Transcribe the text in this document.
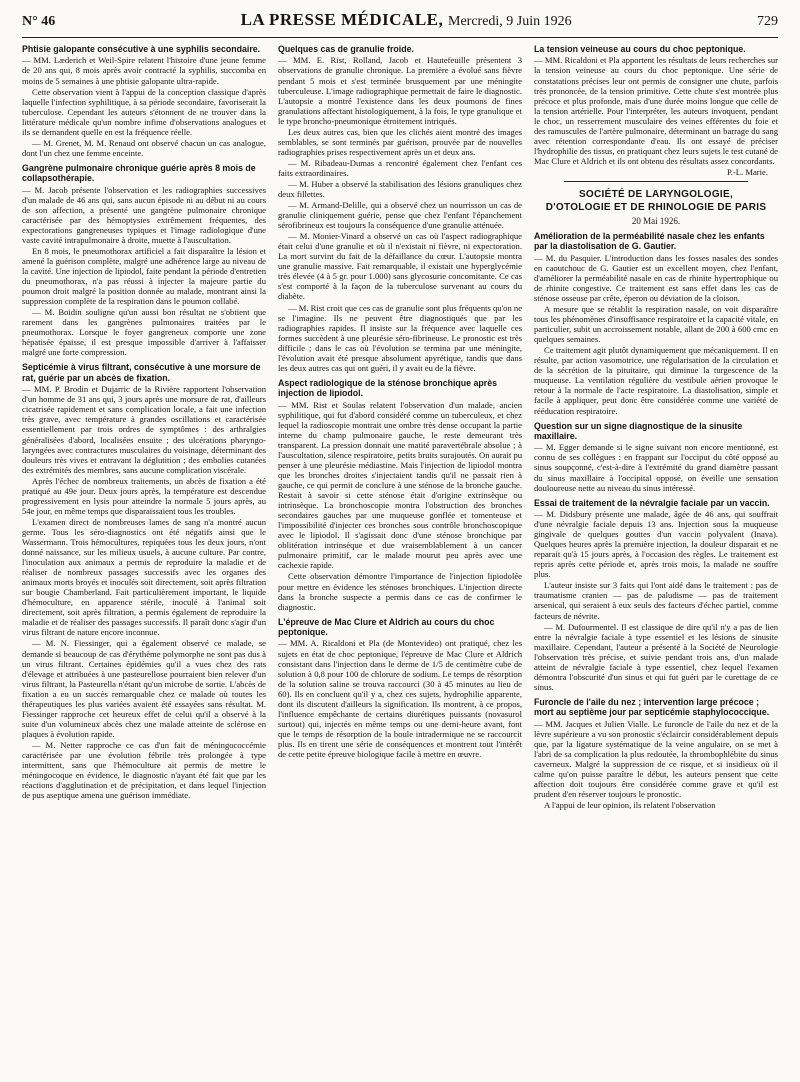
N° 46	LA PRESSE MÉDICALE, Mercredi, 9 Juin 1926	729
Phtisie galopante consécutive à une syphilis secondaire.

— MM. Læderich et Weil-Spire relatent l'histoire d'une jeune femme de 20 ans qui, 8 mois après avoir contracté la syphilis, succomba en moins de 5 semaines à une phtisie galopante ultra-rapide.

Cette observation vient à l'appui de la conception classique d'après laquelle l'infection syphilitique, à sa période secondaire, favoriserait la tuberculose. Cependant les auteurs s'étonnent de ne trouver dans la littérature médicale qu'un nombre infime d'observations analogues et ils se demandent quelle en est la fréquence réelle.

— M. Grenet, M. M. Renaud ont observé chacun un cas analogue, dont l'un chez une femme enceinte.

Gangrène pulmonaire chronique guérie après 8 mois de collapsothérapie.

— M. Jacob présente l'observation et les radiographies successives d'un malade de 46 ans qui, sans aucun épisode ni au début ni au cours de son affection, a présenté une gangrène pulmonaire chronique caractérisée par des hémoptysies extrêmement fréquentes, des expectorations gangreneuses typiques et l'image radiologique d'une vaste cavité intrapulmonaire à droite, muette à l'auscultation.

En 8 mois, le pneumothorax artificiel a fait disparaître la lésion et amené la guérison complète, malgré une adhérence large au niveau de la cavité. Une injection de lipiodol, faite pendant la période d'entretien du pneumothorax, n'a pas réussi à injecter la majeure partie du poumon droit malgré la position donnée au malade, montrant ainsi la suppression complète de la respiration dans le poumon collabé.

— M. Boidin souligne qu'un aussi bon résultat ne s'obtient que rarement dans les gangrènes pulmonaires traitées par le pneumothorax. Lorsque le foyer gangreneux comporte une zone hépatisée épaisse, il est presque impossible d'arriver à l'affaisser malgré une forte compression.

Septicémie à virus filtrant, consécutive à une morsure de rat, guérie par un abcès de fixation.

— MM. P. Brodin et Dujarric de la Rivière rapportent l'observation d'un homme de 31 ans qui, 3 jours après une morsure de rat, d'ailleurs cicatrisée rapidement et sans complication locale, a fait une infection très grave, avec température à grandes oscillations et caractérisée essentiellement par trois ordres de symptômes : des arthralgies généralisées d'abord, localisées ensuite ; des ulcérations pharyngo-laryngées avec contractures musculaires du voisinage, déterminant des douleurs très vives et entravant la déglutition ; des embolies cutanées des extrémités des membres, sans aucune complication viscérale.

Après l'échec de nombreux traitements, un abcès de fixation a été pratiqué au 49e jour. Deux jours après, la température est descendue progressivement en lysis pour atteindre la normale 5 jours après, au 54e jour, en même temps que disparaissaient tous les troubles.

L'examen direct de nombreuses lames de sang n'a montré aucun germe. Tous les séro-diagnostics ont été négatifs ainsi que le Wassermann. Trois hémocultures, repiquées tous les deux jours, n'ont donné naissance, sur les milieux usuels, à aucune culture. Par contre, l'inoculation aux animaux a permis de reproduire la maladie et de réaliser de nombreux passages successifs avec les organes des animaux morts broyés et inoculés soit directement, soit après filtration sur bougie Chamberland. Fait particulièrement important, le liquide d'hémoculture, en apparence stérile, inoculé à l'animal soit directement, soit après filtration, a permis également de reproduire la maladie et de réaliser des passages successifs. Il paraît donc s'agir d'un virus filtrant de nature encore inconnue.

— M. N. Fiessinger, qui a également observé ce malade, se demande si beaucoup de cas d'érythème polymorphe ne sont pas dus à un virus filtrant. Certaines épidémies qu'il a vues chez des rats d'élevage et attribuées à une pasteurellose pourraient bien relever d'un virus filtrant, la Pasteurella n'étant qu'un microbe de sortie. L'abcès de fixation a eu un succès remarquable chez ce malade où toutes les thérapeutiques les plus variées avaient été essayées sans résultat. M. Fiessinger rapproche cet heureux effet de celui qu'il a observé à la suite d'un volumineux abcès chez une malade atteinte de sclérose en plaques à évolution rapide.

— M. Netter rapproche ce cas d'un fait de méningococcémie caractérisée par une évolution fébrile très prolongée à type intermittent, sans que l'hémoculture ait permis de mettre le méningocoque en évidence, le diagnostic n'ayant été fait que par les réactions d'agglutination et de précipitation, et dans lequel l'injection de pus aseptique amena une guérison immédiate.

Quelques cas de granulie froide.

— MM. E. Rist, Rolland, Jacob et Hautefeuille présentent 3 observations de granulie chronique. La première a évolué sans fièvre pendant 5 mois et s'est terminée brusquement par une méningite tuberculeuse. L'image radiographique permettait de faire le diagnostic. L'autopsie a montré l'existence dans les deux poumons de fines granulations affectant histologiquement, à la fois, le type granulique et le type broncho-pneumonique étroitement intriqués.

Les deux autres cas, bien que les clichés aient montré des images semblables, se sont terminés par guérison, prouvée par de nouvelles radiographies prises respectivement après un et deux ans.

— M. Ribadeau-Dumas a rencontré également chez l'enfant ces faits extraordinaires.

— M. Huber a observé la stabilisation des lésions granuliques chez deux fillettes.

— M. Armand-Delille, qui a observé chez un nourrisson un cas de granulie cliniquement guérie, pense que chez l'enfant l'épanchement sérofibrineux est toujours la conséquence d'une granulie atténuée.

— M. Monier-Vinard a observé un cas où l'aspect radiographique était celui d'une granulie et où il n'existait ni fièvre, ni expectoration. La mort survint du fait de la défaillance du cœur. L'autopsie montra une granulie massive. Fait remarquable, il existait une hyperglycémie très élevée (4 à 5 gr. pour 1.000) sans glycosurie concomitante. Ce cas s'est comporté à la façon de la tuberculose survenant au cours du diabète.

— M. Rist croit que ces cas de granulie sont plus fréquents qu'on ne se l'imagine. Ils ne peuvent être diagnostiqués que par les radiographies rapides. Il insiste sur la fréquence avec laquelle ces formes succèdent à une pleurésie séro-fibrineuse. Le pronostic est très difficile ; dans le cas où l'évolution se termina par une méningite, l'évolution avait été presque absolument apyrétique, tandis que dans les deux autres cas qui ont guéri, il y avait eu de la fièvre.

Aspect radiologique de la sténose bronchique après injection de lipiodol.

— MM. Rist et Soulas relatent l'observation d'un malade, ancien syphilitique, qui fut d'abord considéré comme un tuberculeux, et chez lequel la radioscopie montrait une ombre très dense occupant la partie interne du champ pulmonaire gauche, le reste demeurant très transparent. La pression donnait une matité paravertébrale absolue ; à l'auscultation, silence respiratoire, petits bruits surajoutés. On aurait pu penser à une pleurésie médiastine. Mais l'injection de lipiodol montra que les bronches droites s'injectaient tandis qu'il ne passait rien à gauche, ce qui permit de conclure à une sténose de la bronche gauche. Restait à savoir si cette sténose était d'origine extrinsèque ou intrinsèque. La bronchoscopie montra l'obstruction des bronches secondaires gauches par une muqueuse gonflée et tomenteuse et l'impossibilité d'injecter ces bronches sous contrôle bronchoscopique avec le lipiodol. Il s'agissait donc d'une sténose bronchique par oblitération intrinsèque et due vraisemblablement à un cancer pulmonaire primitif, car le malade mourut peu après avec une cachexie rapide.

Cette observation démontre l'importance de l'injection lipiodolée pour mettre en évidence les sténoses bronchiques. L'injection directe dans la bronche suspecte a permis dans ce cas de confirmer le diagnostic.

L'épreuve de Mac Clure et Aldrich au cours du choc peptonique.

— MM. A. Ricaldoni et Pla (de Montevideo) ont pratiqué, chez les sujets en état de choc peptonique, l'épreuve de Mac Clure et Aldrich consistant dans l'injection dans le derme de 1/5 de centimètre cube de solution à 0,8 pour 100 de chlorure de sodium. Le temps de résorption de la solution saline se trouva raccourci (30 à 45 minutes au lieu de 60). Ils en concluent qu'il y a, chez ces sujets, hydrophilie apparente, dont ils discutent d'ailleurs la signification. Ils montrent, à ce propos, l'influence empêchante de certains diurétiques puissants (novasurol surtout) qui, injectés en même temps ou une demi-heure avant, font que le temps de résorption de la boule intradermique ne se raccourcit plus. Ils en tirent une série de conséquences et montrent tout l'intérêt de cette petite épreuve biologique facile à mettre en œuvre.

La tension veineuse au cours du choc peptonique.

— MM. Ricaldoni et Pla apportent les résultats de leurs recherches sur la tension veineuse au cours du choc peptonique. Une série de constatations précises leur ont permis de consigner une chute, parfois très prononcée, de la tension primitive. Cette chute s'est montrée plus précoce et plus profonde, mais d'une durée moins longue que celle de la tension artérielle. Pour l'interpréter, les auteurs invoquent, pendant le choc, un resserrement musculaire des veines efférentes du foie et des ramuscules de l'artère pulmonaire, déterminant un barrage du sang avec rétention correspondante d'eau. Ils ont essayé de préciser l'hydrophilie des tissus, en pratiquant chez leurs sujets le test cutané de Mac Clure et Aldrich et ils ont obtenu des résultats assez concordants.

P.-L. Marie.
SOCIÉTÉ DE LARYNGOLOGIE,
D'OTOLOGIE ET DE RHINOLOGIE DE PARIS
20 Mai 1926.
Amélioration de la perméabilité nasale chez les enfants par la diastolisation de G. Gautier.

— M. du Pasquier. L'introduction dans les fosses nasales des sondes en caoutchouc de G. Gautier est un excellent moyen, chez l'enfant, d'améliorer la perméabilité nasale en cas de rhinite hypertrophique ou de rhinite congestive. Ce traitement est sans effet dans les cas de sténose osseuse par crête, éperon ou déviation de la cloison.

A mesure que se rétablit la respiration nasale, on voit disparaître tous les phénomènes d'insuffisance respiratoire et la capacité vitale, en particulier, subit un accroissement notable, allant de 200 à 600 cmc en quelques semaines.

Ce traitement agit plutôt dynamiquement que mécaniquement. Il en résulte, par action vasomotrice, une régularisation de la circulation et de la sécrétion de la pituitaire, qui diminue la turgescence de la muqueuse. La ventilation régulière du vestibule aérien provoque le retour à la normale de l'acte respiratoire. La diastolisation, simple et facile à appliquer, peut donc être considérée comme une variété de rééducation respiratoire.

Question sur un signe diagnostique de la sinusite maxillaire.

— M. Egger demande si le signe suivant non encore mentionné, est connu de ses collègues : en frappant sur l'occiput du côté opposé au sinus soupçonné, c'est-à-dire à l'extrémité du grand diamètre passant du sinus maxillaire à l'occipital opposé, on éveille une sensation douloureuse nette au niveau du sinus intéressé.

Essai de traitement de la névralgie faciale par un vaccin.

— M. Didsbury présente une malade, âgée de 46 ans, qui souffrait d'une névralgie faciale depuis 13 ans. Injection sous la muqueuse gingivale de quelques gouttes d'un vaccin polyvalent (Inava). Quelques heures après la première injection, la douleur disparait et ne reparait qu'à 15 jours après, à l'occasion des règles. Le traitement est repris après cette période et, après trois mois, la malade ne souffre plus.

L'auteur insiste sur 3 faits qui l'ont aidé dans le traitement : pas de traumatisme cranien — pas de paludisme — pas de traitement arsenical, qui seraient à eux seuls des facteurs d'échec partiel, comme facteurs de névrite.

— M. Dufourmentel. Il est classique de dire qu'il n'y a pas de lien entre la névralgie faciale à type essentiel et les lésions de sinusite maxillaire. Cependant, l'auteur a présenté à la Société de Neurologie l'observation très précise, et suivie pendant trois ans, d'un malade atteint de névralgie faciale à type essentiel, chez lequel l'examen démontra l'obscurité d'un sinus et qui fut guéri par le curettage de ce sinus.

Furoncle de l'aile du nez ; intervention large précoce ; mort au septième jour par septicémie staphylococcique.

— MM. Jacques et Julien Vialle. Le furoncle de l'aile du nez et de la lèvre supérieure a vu son pronostic s'éclaircir considérablement depuis que, par la ligature systématique de la veine angulaire, on se met à l'abri de sa complication la plus redoutée, la thrombophlébite du sinus caverneux. Malgré la suppression de ce risque, et si insidieux où il calme qu'on puisse paraître le début, les auteurs pensent que cette affection doit toujours être considérée comme grave et qu'il est prudent d'en réserver toujours le pronostic.

A l'appui de leur opinion, ils relatent l'observation
